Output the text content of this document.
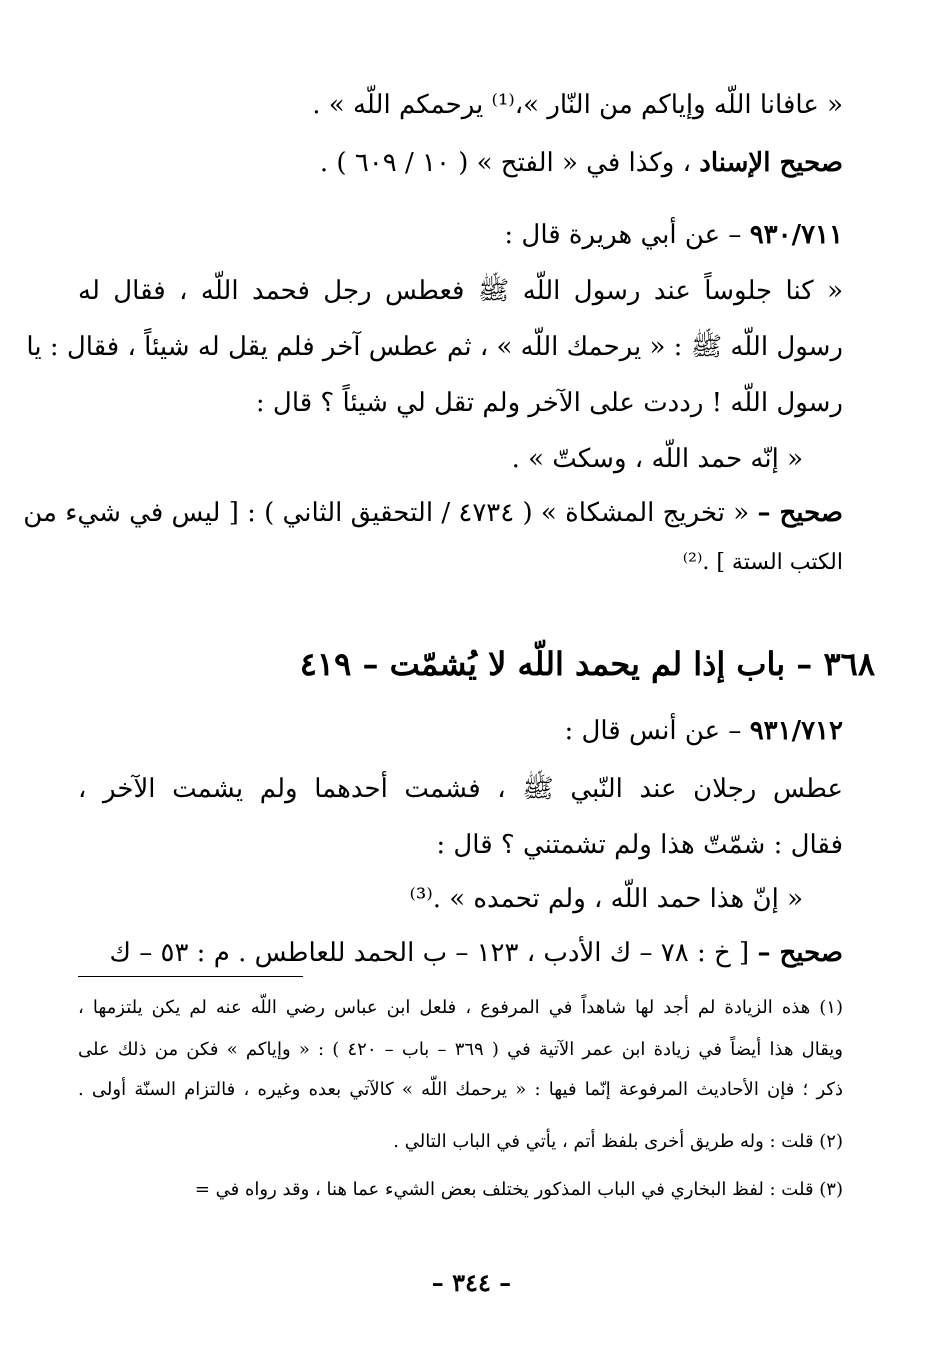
« عافانا اللّه وإياكم من النّار »،⁽¹⁾ يرحمكم اللّه » .
صحيح الإسناد ، وكذا في « الفتح » ( ١٠ / ٦٠٩ ) .
٩٣٠/٧١١ – عن أبي هريرة قال :
« كنا جلوساً عند رسول اللّه ﷺ فعطس رجل فحمد اللّه ، فقال له
رسول اللّه ﷺ : « يرحمك اللّه » ، ثم عطس آخر فلم يقل له شيئاً ، فقال : يا
رسول اللّه ! رددت على الآخر ولم تقل لي شيئاً ؟ قال :
« إنّه حمد اللّه ، وسكتّ » .
صحيح – « تخريج المشكاة » ( ٤٧٣٤ / التحقيق الثاني ) : [ ليس في شيء من
الكتب الستة ] .⁽²⁾
٣٦٨ – باب إذا لم يحمد اللّه لا يُشمّت – ٤١٩
٩٣١/٧١٢ – عن أنس قال :
عطس رجلان عند النّبي ﷺ ، فشمت أحدهما ولم يشمت الآخر ،
فقال : شمّتّ هذا ولم تشمتني ؟ قال :
« إنّ هذا حمد اللّه ، ولم تحمده » .⁽³⁾
صحيح – [ خ : ٧٨ – ك الأدب ، ١٢٣ – ب الحمد للعاطس . م : ٥٣ – ك
(١) هذه الزيادة لم أجد لها شاهداً في المرفوع ، فلعل ابن عباس رضي اللّه عنه لم يكن يلتزمها ،
ويقال هذا أيضاً في زيادة ابن عمر الآتية في ( ٣٦٩ – باب – ٤٢٠ ) : « وإياكم » فكن من ذلك على
ذكر ؛ فإن الأحاديث المرفوعة إنّما فيها : « يرحمك اللّه » كالآتي بعده وغيره ، فالتزام السنّة أولى .
(٢) قلت : وله طريق أخرى بلفظ أتم ، يأتي في الباب التالي .
(٣) قلت : لفظ البخاري في الباب المذكور يختلف بعض الشيء عما هنا ، وقد رواه في =
– ٣٤٤ –
